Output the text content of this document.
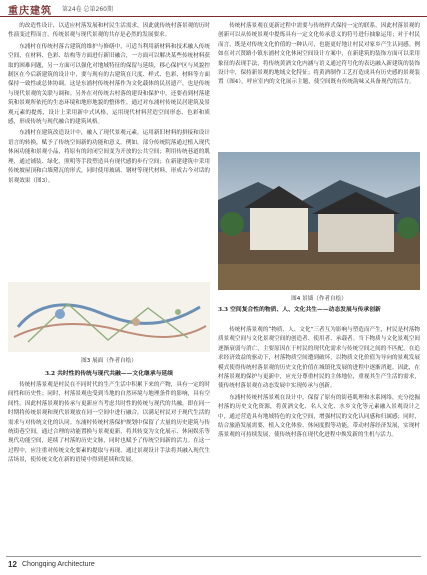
重庆建筑 第24卷 总第260期

的改造性设计，以适应村落发展和村民生活需求，因此就传统村落景观的历时性演变过程而言，传统景观与现代景观的共存是必然的发展要求。

东浦村在传统村落古建筑的维护与修缮中，可适当利用新材料和技术融入传统空间，在材料、色彩、结构等方面进行新旧融合，一方面可以解决某些传统材料获取的困难问题，另一方面可以强化对地域特征的保留与延续，移心保护区与风貌控制区在今后新建筑的设计中，要与现有的古建筑在尺度、样式、色彩、材料等方面保持一致性或总体协调。这是东浦村传统村落作为文化载体的民居遗产，也是传统与现代景观的关联与调和。另外在对传统古村落的建设和保护中，还要看到村落建筑和景观所依托的生态环境和地形地貌的整体性。通过对东浦村传统民居建筑及景观元素的提炼，设计上采用新中式风格，运用现代材料营造空间形态、色彩和质感，形成传统与现代融合的建筑风格。

东浦村在建筑改造设计中，融入了现代景观元素，运用新旧材料的拼接和设计语言的转换，赋予了传统空间新的功能和意义。例如，部分传统院落通过植入现代休闲功能和景观小品，将原有的封闭空间变为开放的公共空间；利用传统巷道的肌理，通过铺装、绿化、照明等手段塑造具有现代感的步行空间；在新建建筑中采用传统坡屋顶和白墙黛瓦的形式，同时使用玻璃、钢材等现代材料，形成古今对话的景观效果（图3）。

图3 展面（作者自绘）
3.2 共时性的传统与现代共融——文化继承与延续

传统村落景观是村民在不同时代的生产生活中积累下来的产物，具有一定的时间性和历史性；同时，村落景观也受到当地的自然环境与地理条件的影响，具有空间性。因此村落景观的传承与更新应当考虑共时性的传统与现代的共融，即在同一时期将传统景观和现代景观放在同一空间中进行融合，以满足村民对于现代生活的需求与对传统文化的认同。东浦村传统村落保护规划中保留了大量的历史建筑与传统街巷空间，通过合理的功能置换与景观更新，将其转变为文化展示、休闲娱乐等现代功能空间，延续了村落的历史文脉，同时也赋予了传统空间新的活力。在这一过程中，应注重对传统文化要素的提取与再现，通过景观设计手法将其融入现代生活场景，使传统文化在新的语境中得到延续和发展。

传统村落景观在更新过程中需要与传统样式保持一定的联系，因此村落景观的创新可以从传统景观中提炼具有一定文化传承意义的符号进行抽象运用；对于村民而言，既是对传统文化价值的一种认可，也能更好地让村民对家乡产生认同感。例如在对兴贤路小镇东浦村文化休闲空间设计方案中，在新建筑的装饰方面可以采用象征的表现手法，将传统黄酒文化内涵与语义通过符号化的表达融入新建筑的装饰设计中，保持新景观的地域文化特征；将黄酒制作工艺打造成具有历史感的景观装置（图4），呼应室内的文化展示主题，使空间既有传统韵味又具备现代的活力。

图4 景墙（作者自绘）
3.3 空间复合性的物质、人、文化共生——动态发展与传承创新

传统村落景观的“物质、人、文化”三者互为影响与塑造而产生，村民是村落物质景观空间与文化景观空间的创造者、使用者、承载者。当下物质与文化景观空间逐渐衰弱与消亡，主要原因在于村民的现代化需求与传统空间之间的不匹配，在追求经济效益的驱动下，村落物质空间遭到破坏，以物质文化价值为导向的景观发展模式使得传统村落景观的历史文化价值在城镇化发展的进程中逐渐消逝。因此，在村落景观的保护与更新中，应充分尊重村民的主体地位，重视其生产生活的需求，使传统村落景观在动态发展中实现传承与创新。

东浦村传统村落景观在设计中，保留了原有的街巷肌理和水系网络，充分挖掘村落的历史文化资源，将黄酒文化、名人文化、水乡文化等元素融入景观设计之中，通过营造具有地域特色的文化空间，增强村民的文化认同感和归属感；同时，结合旅游发展需要，植入文化体验、休闲度假等功能，带动村落经济发展，实现村落景观的可持续发展，使传统村落在现代化进程中焕发新的生机与活力。

12 Chongqing Architecture
